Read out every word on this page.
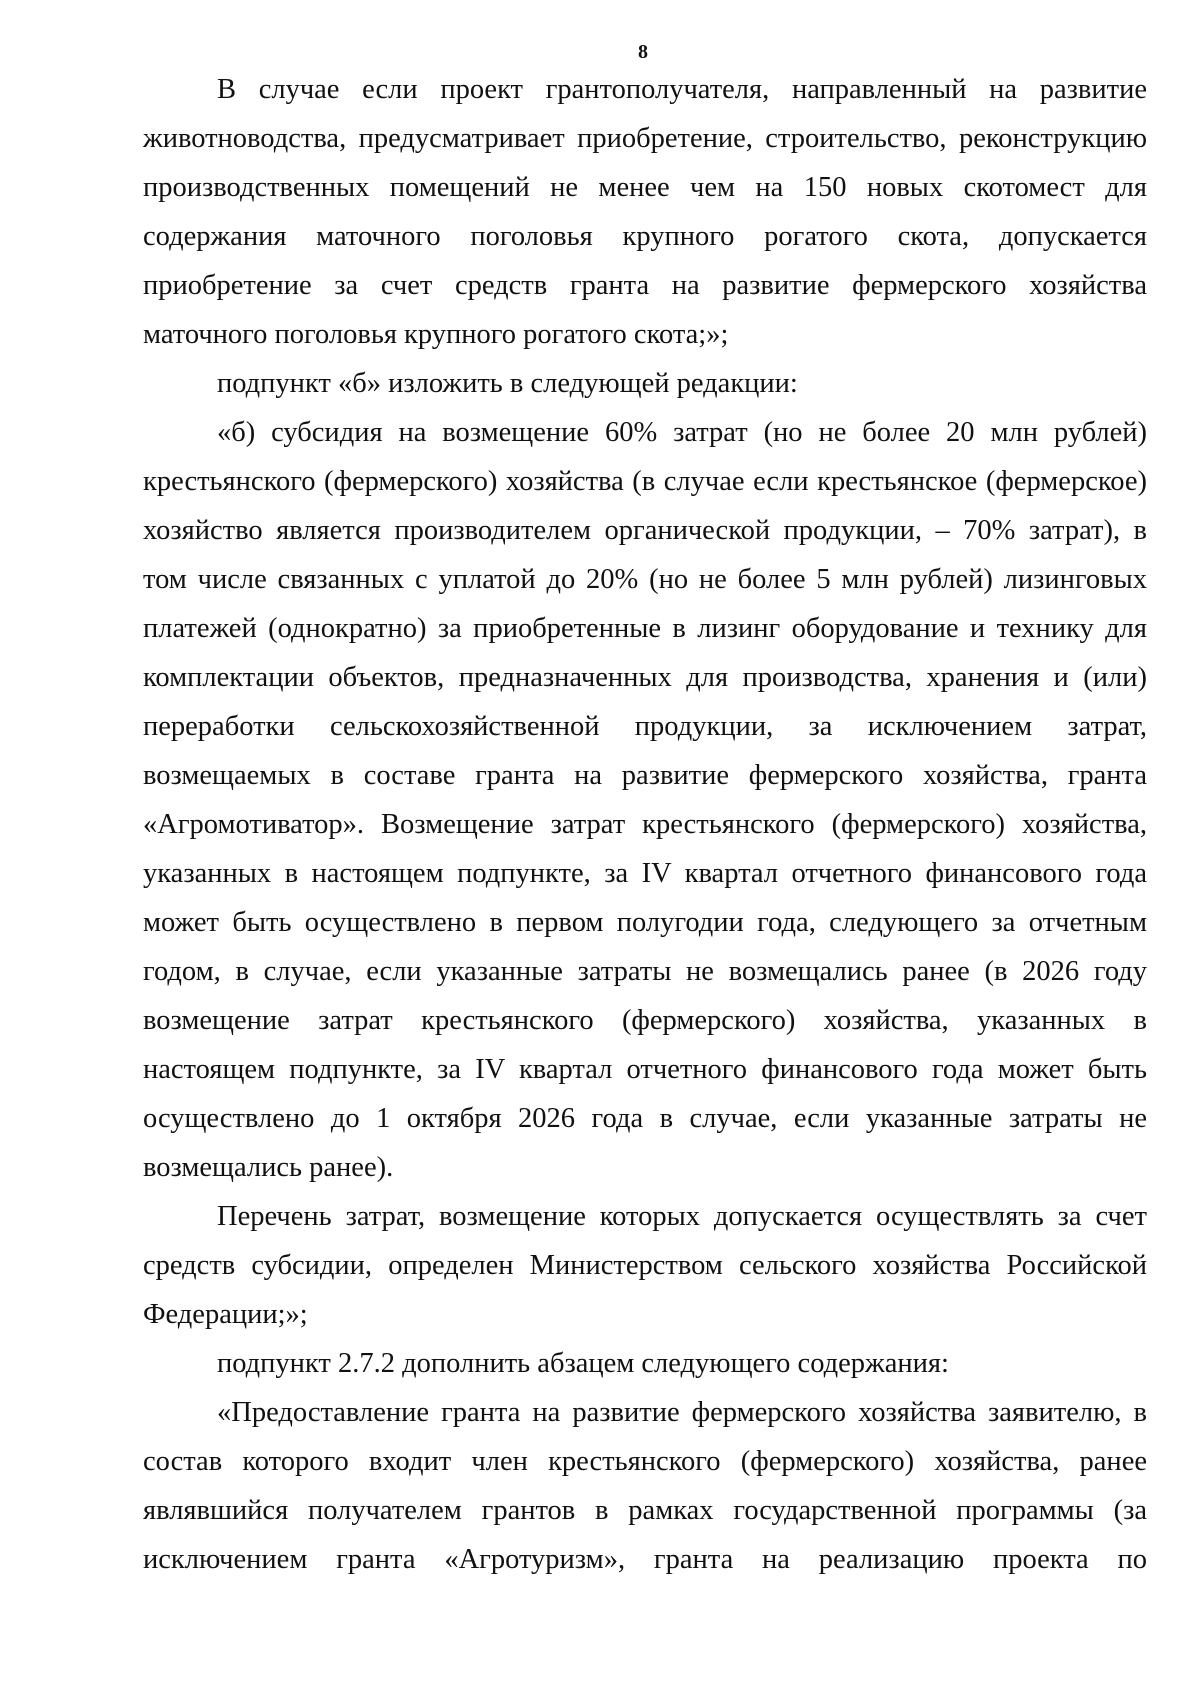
8

В случае если проект грантополучателя, направленный на развитие животноводства, предусматривает приобретение, строительство, реконструкцию производственных помещений не менее чем на 150 новых скотомест для содержания маточного поголовья крупного рогатого скота, допускается приобретение за счет средств гранта на развитие фермерского хозяйства маточного поголовья крупного рогатого скота;»;

подпункт «б» изложить в следующей редакции:

«б) субсидия на возмещение 60% затрат (но не более 20 млн рублей) крестьянского (фермерского) хозяйства (в случае если крестьянское (фермерское) хозяйство является производителем органической продукции, – 70% затрат), в том числе связанных с уплатой до 20% (но не более 5 млн рублей) лизинговых платежей (однократно) за приобретенные в лизинг оборудование и технику для комплектации объектов, предназначенных для производства, хранения и (или) переработки сельскохозяйственной продукции, за исключением затрат, возмещаемых в составе гранта на развитие фермерского хозяйства, гранта «Агромотиватор». Возмещение затрат крестьянского (фермерского) хозяйства, указанных в настоящем подпункте, за IV квартал отчетного финансового года может быть осуществлено в первом полугодии года, следующего за отчетным годом, в случае, если указанные затраты не возмещались ранее (в 2026 году возмещение затрат крестьянского (фермерского) хозяйства, указанных в настоящем подпункте, за IV квартал отчетного финансового года может быть осуществлено до 1 октября 2026 года в случае, если указанные затраты не возмещались ранее).

Перечень затрат, возмещение которых допускается осуществлять за счет средств субсидии, определен Министерством сельского хозяйства Российской Федерации;»;

подпункт 2.7.2 дополнить абзацем следующего содержания:

«Предоставление гранта на развитие фермерского хозяйства заявителю, в состав которого входит член крестьянского (фермерского) хозяйства, ранее являвшийся получателем грантов в рамках государственной программы (за исключением гранта «Агротуризм», гранта на реализацию проекта по
